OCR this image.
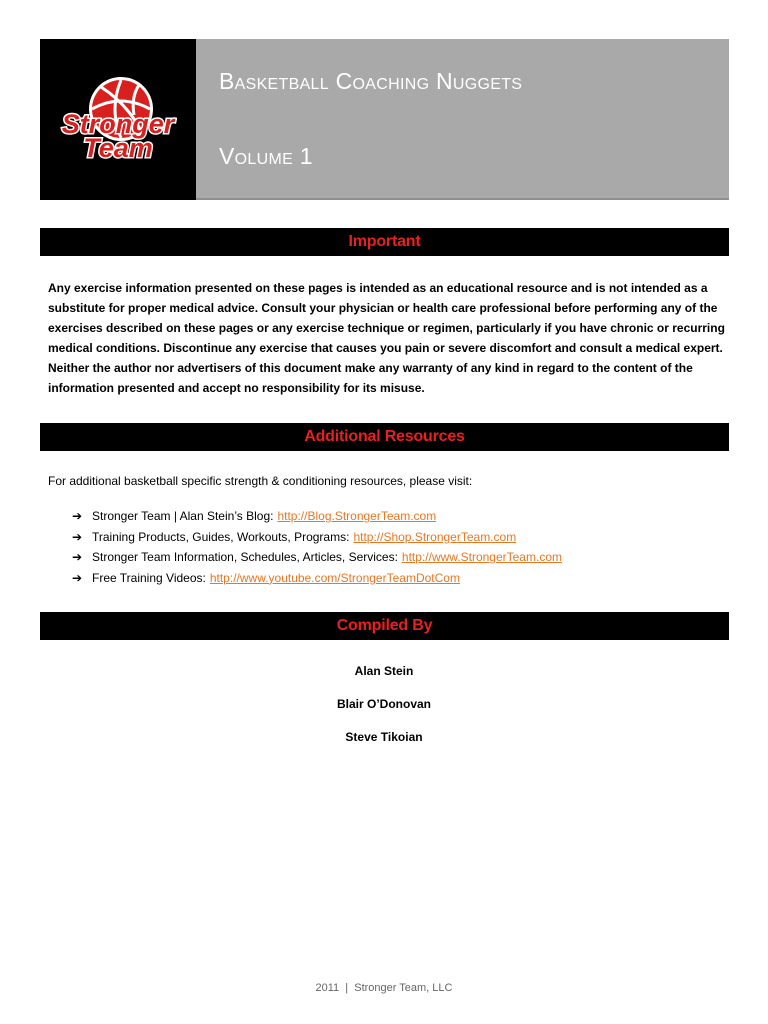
Stronger
Team
Basketball Coaching Nuggets
Volume 1
Important
Any exercise information presented on these pages is intended as an educational resource and is not intended as a substitute for proper medical advice. Consult your physician or health care professional before performing any of the exercises described on these pages or any exercise technique or regimen, particularly if you have chronic or recurring medical conditions. Discontinue any exercise that causes you pain or severe discomfort and consult a medical expert. Neither the author nor advertisers of this document make any warranty of any kind in regard to the content of the information presented and accept no responsibility for its misuse.
Additional Resources
For additional basketball specific strength & conditioning resources, please visit:
➔ Stronger Team | Alan Stein’s Blog: http://Blog.StrongerTeam.com
➔ Training Products, Guides, Workouts, Programs: http://Shop.StrongerTeam.com
➔ Stronger Team Information, Schedules, Articles, Services: http://www.StrongerTeam.com
➔ Free Training Videos: http://www.youtube.com/StrongerTeamDotCom
Compiled By
Alan Stein
Blair O’Donovan
Steve Tikoian
2011  |  Stronger Team, LLC
